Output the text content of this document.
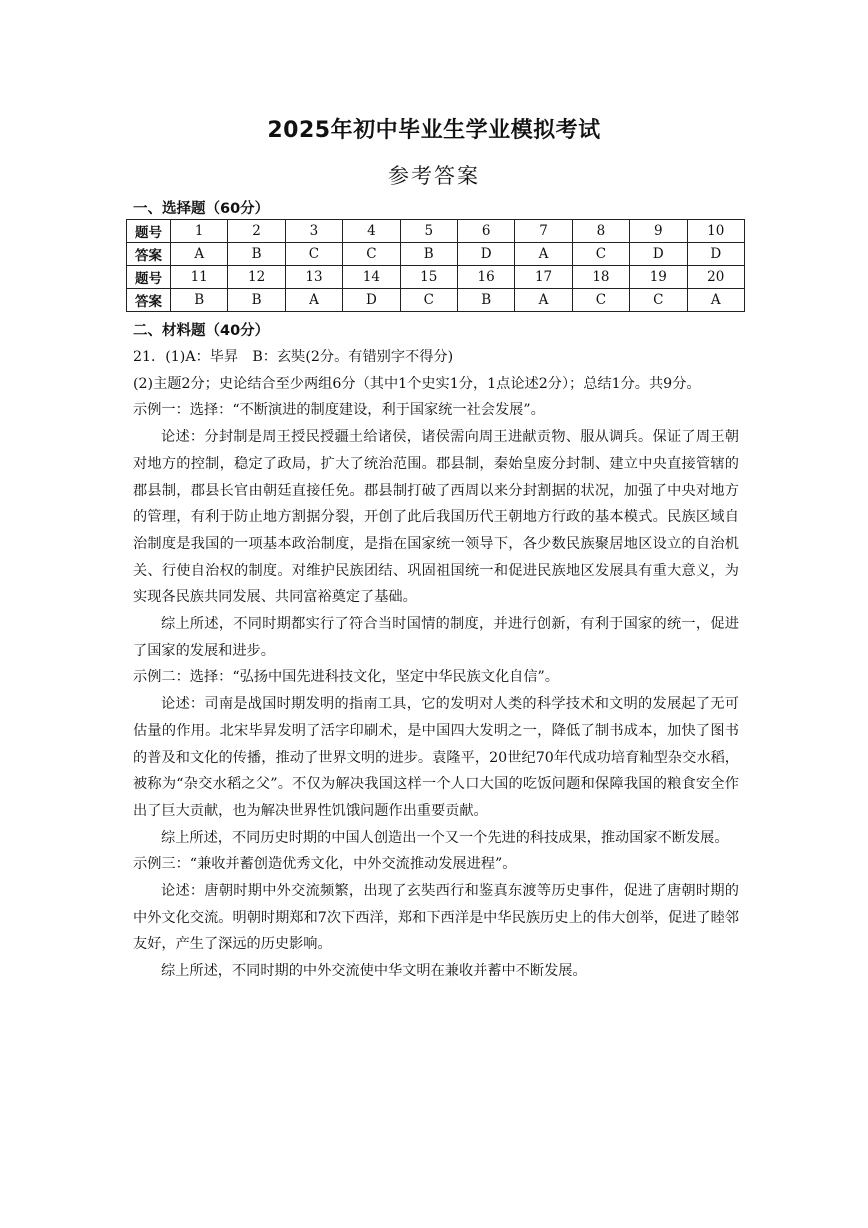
2025年初中毕业生学业模拟考试
参考答案
一、选择题（60分）
题号	1	2	3	4	5	6	7	8	9	10
答案	A	B	C	C	B	D	A	C	D	D
题号	11	12	13	14	15	16	17	18	19	20
答案	B	B	A	D	C	B	A	C	C	A
二、材料题（40分）

21．(1)A：毕昇　B：玄奘(2分。有错别字不得分)

(2)主题2分；史论结合至少两组6分（其中1个史实1分，1点论述2分）；总结1分。共9分。

示例一：选择：“不断演进的制度建设，利于国家统一社会发展”。

论述：分封制是周王授民授疆土给诸侯，诸侯需向周王进献贡物、服从调兵。保证了周王朝对地方的控制，稳定了政局，扩大了统治范围。郡县制，秦始皇废分封制、建立中央直接管辖的郡县制，郡县长官由朝廷直接任免。郡县制打破了西周以来分封割据的状况，加强了中央对地方的管理，有利于防止地方割据分裂，开创了此后我国历代王朝地方行政的基本模式。民族区域自治制度是我国的一项基本政治制度，是指在国家统一领导下，各少数民族聚居地区设立的自治机关、行使自治权的制度。对维护民族团结、巩固祖国统一和促进民族地区发展具有重大意义，为实现各民族共同发展、共同富裕奠定了基础。

综上所述，不同时期都实行了符合当时国情的制度，并进行创新，有利于国家的统一，促进了国家的发展和进步。

示例二：选择：“弘扬中国先进科技文化，坚定中华民族文化自信”。

论述：司南是战国时期发明的指南工具，它的发明对人类的科学技术和文明的发展起了无可估量的作用。北宋毕昇发明了活字印刷术，是中国四大发明之一，降低了制书成本，加快了图书的普及和文化的传播，推动了世界文明的进步。袁隆平，20世纪70年代成功培育籼型杂交水稻，被称为“杂交水稻之父”。不仅为解决我国这样一个人口大国的吃饭问题和保障我国的粮食安全作出了巨大贡献，也为解决世界性饥饿问题作出重要贡献。

综上所述，不同历史时期的中国人创造出一个又一个先进的科技成果，推动国家不断发展。

示例三：“兼收并蓄创造优秀文化，中外交流推动发展进程”。

论述：唐朝时期中外交流频繁，出现了玄奘西行和鉴真东渡等历史事件，促进了唐朝时期的中外文化交流。明朝时期郑和7次下西洋，郑和下西洋是中华民族历史上的伟大创举，促进了睦邻友好，产生了深远的历史影响。

综上所述，不同时期的中外交流使中华文明在兼收并蓄中不断发展。
